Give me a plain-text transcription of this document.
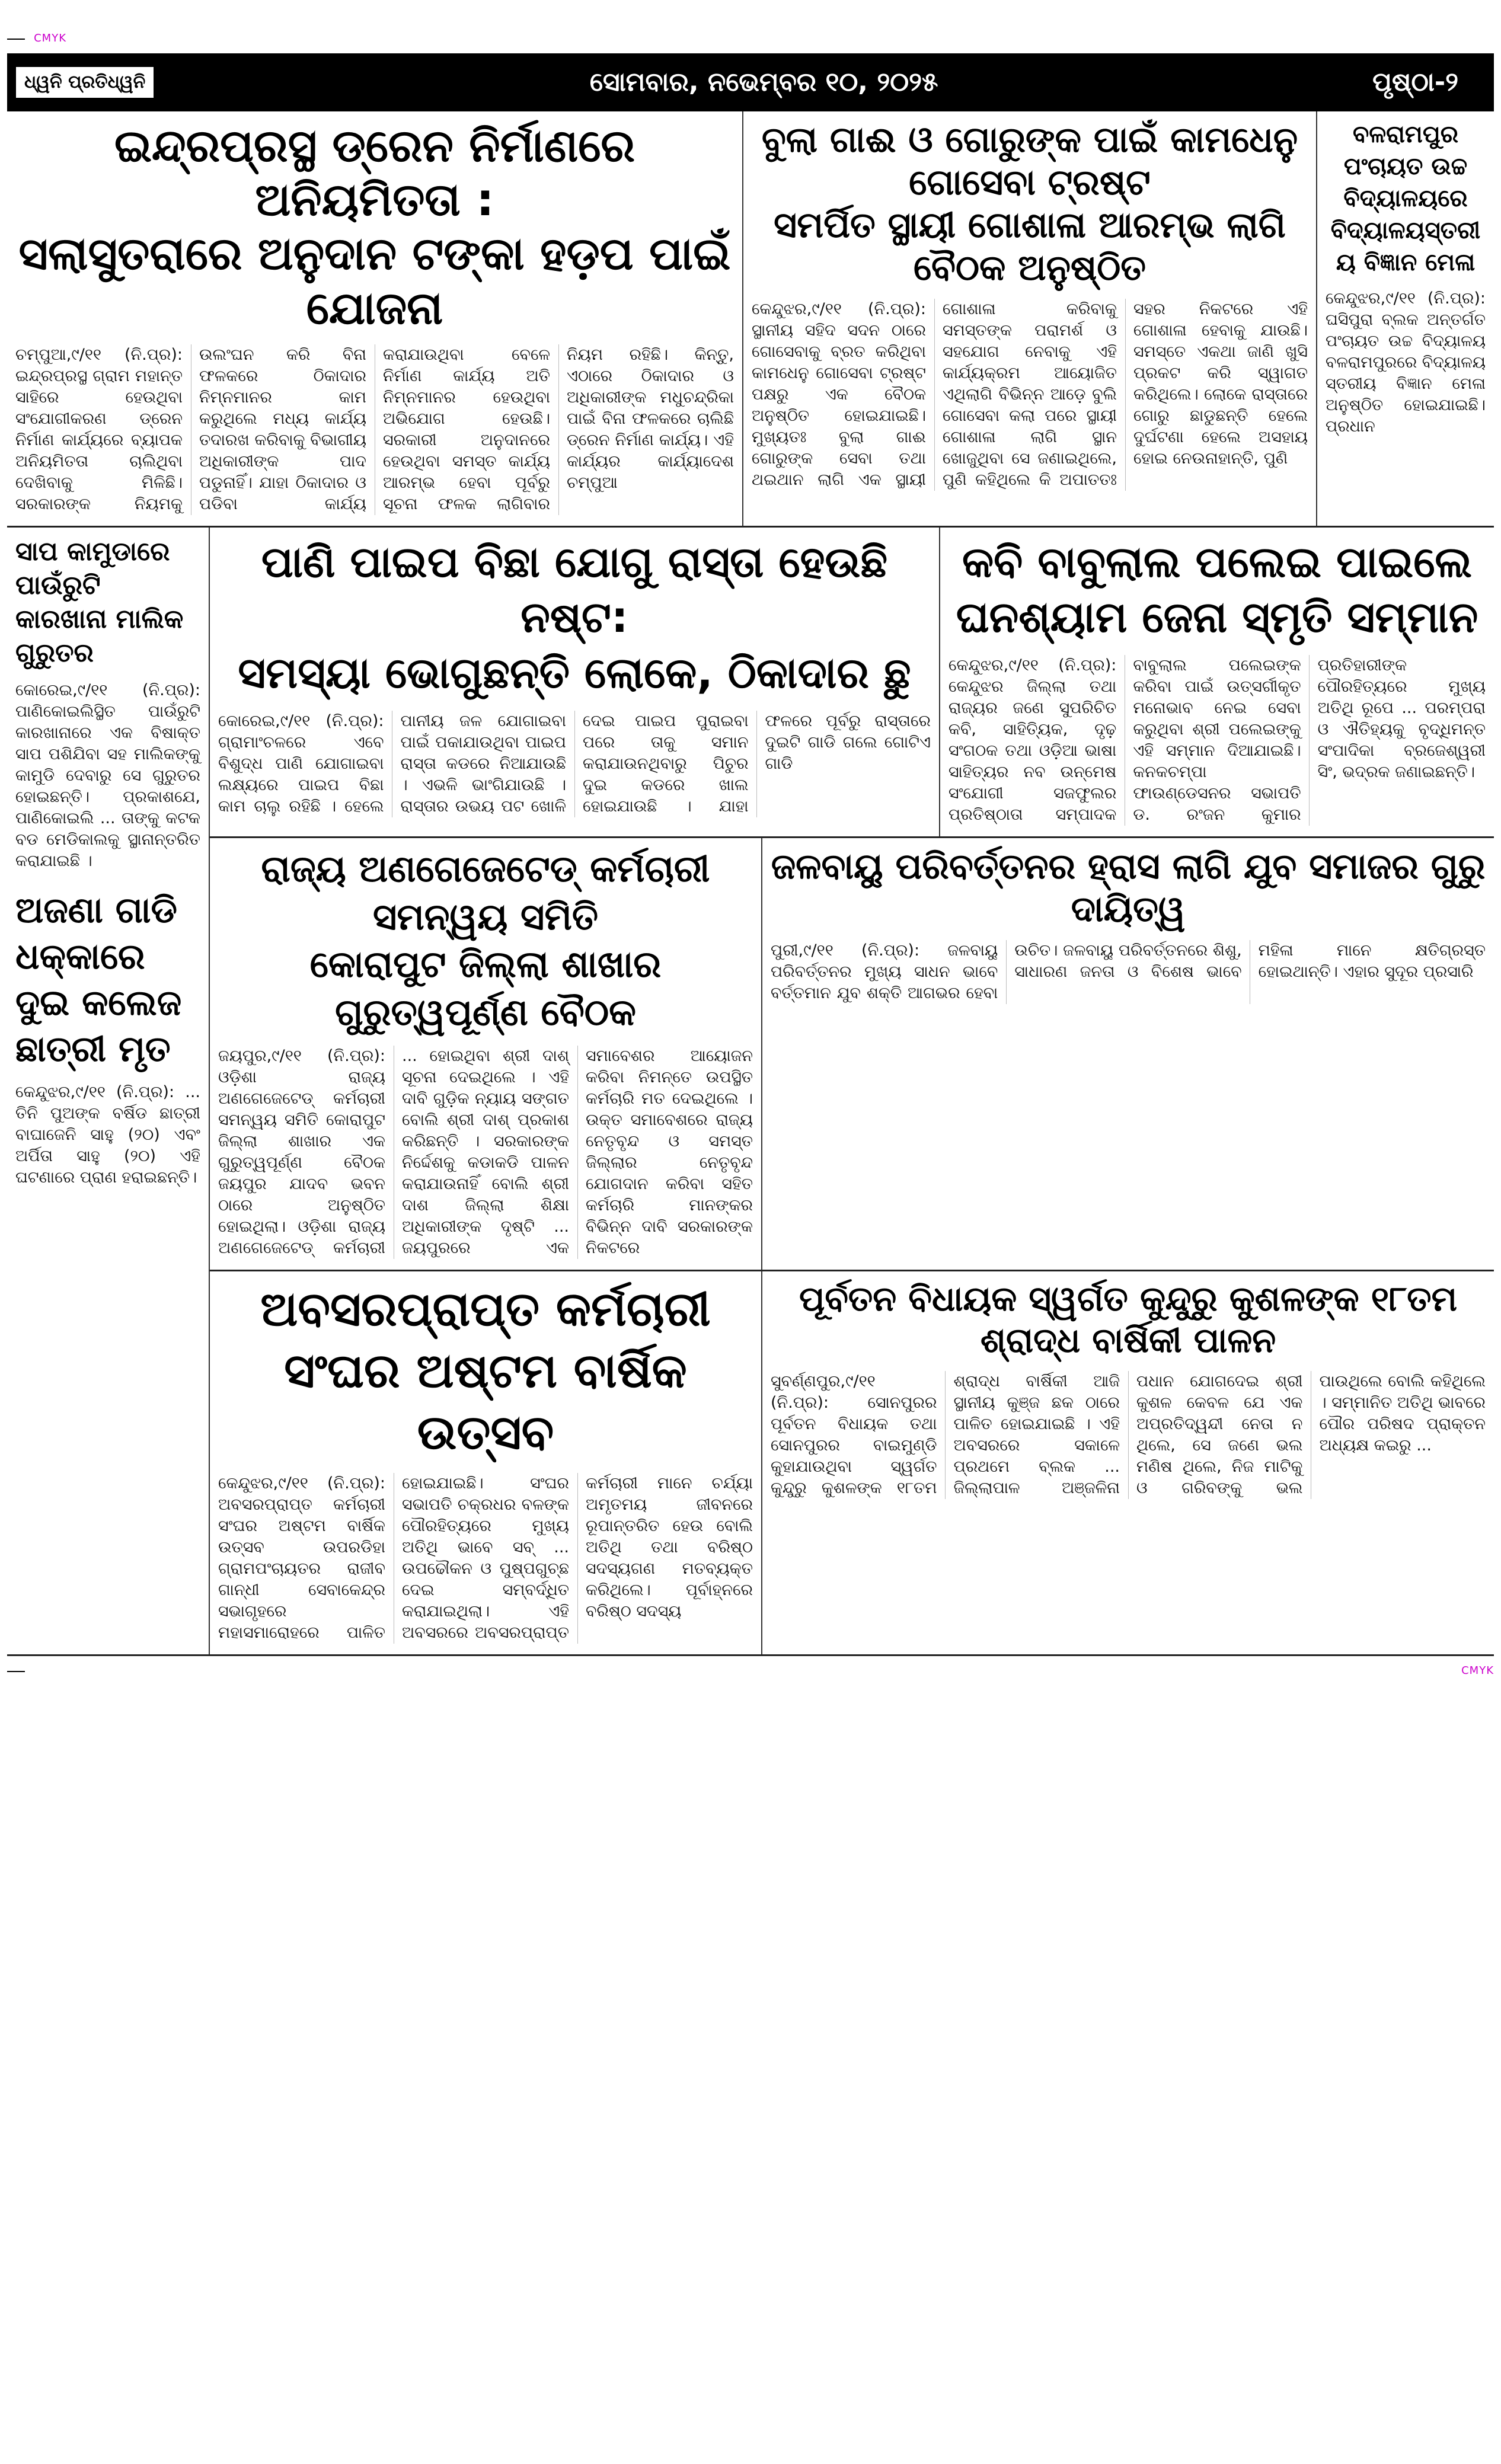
CMYK
ଧ୍ୱନି ପ୍ରତିଧ୍ୱନି	ସୋମବାର, ନଭେମ୍ବର ୧୦, ୨୦୨୫	ପୃଷ୍ଠା-୨
ଇନ୍ଦ୍ରପ୍ରସ୍ଥ ଡ୍ରେନ ନିର୍ମାଣରେ ଅନିୟମିତତା :
ସଲାସୁତରାରେ ଅନୁଦାନ ଟଙ୍କା ହଡ଼ପ ପାଇଁ ଯୋଜନା
ଚମ୍ପୁଆ,୯/୧୧ (ନି.ପ୍ର): ଇନ୍ଦ୍ରପ୍ରସ୍ଥ ଗ୍ରାମ ମହାନ୍ତ ସାହିରେ ହେଉଥିବା ସଂଯୋଗୀକରଣ ଡ୍ରେନ ନିର୍ମାଣ କାର୍ଯ୍ୟରେ ବ୍ୟାପକ ଅନିୟମିତତା ଚାଲିଥିବା ଦେଖିବାକୁ ମିଳିଛି। ସରକାରଙ୍କ ନିୟମକୁ ଉଲଂଘନ କରି ବିନା ଫଳକରେ ଠିକାଦାର ନିମ୍ନମାନର କାମ କରୁଥିଲେ ମଧ୍ୟ କାର୍ଯ୍ୟ ତଦାରଖ କରିବାକୁ ବିଭାଗୀୟ ଅଧିକାରୀଙ୍କ ପାଦ ପଡୁନାହିଁ। ଯାହା ଠିକାଦାର ଓ ପଡିବା କାର୍ଯ୍ୟ କରାଯାଉଥିବା ବେଳେ ନିର୍ମାଣ କାର୍ଯ୍ୟ ଅତି ନିମ୍ନମାନର ହେଉଥିବା ଅଭିଯୋଗ ହେଉଛି। ସରକାରୀ ଅନୁଦାନରେ ହେଉଥିବା ସମସ୍ତ କାର୍ଯ୍ୟ ଆରମ୍ଭ ହେବା ପୂର୍ବରୁ ସୂଚନା ଫଳକ ଲାଗିବାର ନିୟମ ରହିଛି। କିନ୍ତୁ, ଏଠାରେ ଠିକାଦାର ଓ ଅଧିକାରୀଙ୍କ ମଧୁଚନ୍ଦ୍ରିକା ପାଇଁ ବିନା ଫଳକରେ ଚାଲିଛି ଡ୍ରେନ ନିର୍ମାଣ କାର୍ଯ୍ୟ। ଏହି କାର୍ଯ୍ୟର କାର୍ଯ୍ୟାଦେଶ ଚମ୍ପୁଆ
ବୁଲା ଗାଈ ଓ ଗୋରୁଙ୍କ ପାଇଁ କାମଧେନୁ ଗୋସେବା ଟ୍ରଷ୍ଟ
ସମର୍ପିତ ସ୍ଥାୟୀ ଗୋଶାଳା ଆରମ୍ଭ ଲାଗି ବୈଠକ ଅନୁଷ୍ଠିତ
କେନ୍ଦୁଝର,୯/୧୧ (ନି.ପ୍ର): ସ୍ଥାନୀୟ ସହିଦ ସଦନ ଠାରେ ଗୋସେବାକୁ ବ୍ରତ କରିଥିବା କାମଧେନୁ ଗୋସେବା ଟ୍ରଷ୍ଟ ପକ୍ଷରୁ ଏକ ବୈଠକ ଅନୁଷ୍ଠିତ ହୋଇଯାଇଛି। ମୁଖ୍ୟତଃ ବୁଲା ଗାଈ ଗୋରୁଙ୍କ ସେବା ତଥା ଥଇଥାନ ଲାଗି ଏକ ସ୍ଥାୟୀ ଗୋଶାଳା କରିବାକୁ ସମସ୍ତଙ୍କ ପରାମର୍ଶ ଓ ସହଯୋଗ ନେବାକୁ ଏହି କାର୍ଯ୍ୟକ୍ରମ ଆୟୋଜିତ ଏଥିଲାଗି ବିଭିନ୍ନ ଆଡ଼େ ବୁଲି ଗୋସେବା କଲା ପରେ ସ୍ଥାୟୀ ଗୋଶାଳା ଲାଗି ସ୍ଥାନ ଖୋଜୁଥିବା ସେ ଜଣାଇଥିଲେ, ପୁଣି କହିଥିଲେ କି ଅପାତତଃ ସହର ନିକଟରେ ଏହି ଗୋଶାଳା ହେବାକୁ ଯାଉଛି। ସମସ୍ତେ ଏକଥା ଜାଣି ଖୁସି ପ୍ରକଟ କରି ସ୍ୱାଗତ କରିଥିଲେ। ଲୋକେ ରାସ୍ତାରେ ଗୋରୁ ଛାଡୁଛନ୍ତି ହେଲେ ଦୁର୍ଘଟଣା ହେଲେ ଅସହାୟ ହୋଇ ନେଉନାହାନ୍ତି, ପୁଣି
ବଳରାମପୁର ପଂଚାୟତ ଉଚ୍ଚ ବିଦ୍ୟାଳୟରେ ବିଦ୍ୟାଳୟସ୍ତରୀୟ ବିଜ୍ଞାନ ମେଳା
କେନ୍ଦୁଝର,୯/୧୧ (ନି.ପ୍ର): ଘସିପୁରା ବ୍ଲକ ଅନ୍ତର୍ଗତ ପଂଚାୟତ ଉଚ୍ଚ ବିଦ୍ୟାଳୟ ବଳରାମପୁରରେ ବିଦ୍ୟାଳୟ ସ୍ତରୀୟ ବିଜ୍ଞାନ ମେଳା ଅନୁଷ୍ଠିତ ହୋଇଯାଇଛି। ପ୍ରଧାନ
ସାପ କାମୁଡାରେ ପାଉଁରୁଟି କାରଖାନା ମାଲିକ ଗୁରୁତର
କୋରେଇ,୯/୧୧ (ନି.ପ୍ର): ପାଣିକୋଇଲିସ୍ଥିତ ପାଉଁରୁଟି କାରଖାନାରେ ଏକ ବିଷାକ୍ତ ସାପ ପଶିଯିବା ସହ ମାଲିକଙ୍କୁ କାମୁଡି ଦେବାରୁ ସେ ଗୁରୁତର ହୋଇଛନ୍ତି। ପ୍ରକାଶଯେ, ପାଣିକୋଇଲି ... ତାଙ୍କୁ କଟକ ବଡ ମେଡିକାଲକୁ ସ୍ଥାନାନ୍ତରିତ କରାଯାଇଛି ।
ଅଜଣା ଗାଡି ଧକ୍କାରେ ଦୁଇ କଲେଜ ଛାତ୍ରୀ ମୃତ
କେନ୍ଦୁଝର,୯/୧୧ (ନି.ପ୍ର): ... ତିନି ପୁଅଙ୍କ ବର୍ଷିଡ ଛାତ୍ରୀ ବାଘାଜେନି ସାହୁ (୨୦) ଏବଂ ଅର୍ପିତା ସାହୁ (୨୦) ଏହି ଘଟଣାରେ ପ୍ରାଣ ହରାଇଛନ୍ତି।
ପାଣି ପାଇପ ବିଛା ଯୋଗୁ ରାସ୍ତା ହେଉଛି ନଷ୍ଟ:
ସମସ୍ୟା ଭୋଗୁଛନ୍ତି ଲୋକେ, ଠିକାଦାର ଛୁ
କୋରେଇ,୯/୧୧ (ନି.ପ୍ର): ଗ୍ରାମାଂଚଳରେ ଏବେ ବିଶୁଦ୍ଧ ପାଣି ଯୋଗାଇବା ଲକ୍ଷ୍ୟରେ ପାଇପ ବିଛା କାମ ଚାଲୁ ରହିଛି । ହେଲେ ପାନୀୟ ଜଳ ଯୋଗାଇବା ପାଇଁ ପକାଯାଉଥିବା ପାଇପ ରାସ୍ତା କଡରେ ନିଆଯାଉଛି । ଏଭଳି ଭାଂଗିଯାଉଛି । ରାସ୍ତାର ଉଭୟ ପଟ ଖୋଳି ଦେଇ ପାଇପ ପୁରାଇବା ପରେ ତାକୁ ସମାନ କରାଯାଉନଥିବାରୁ ପିଚୁର ଦୁଇ କଡରେ ଖାଲ ହୋଇଯାଉଛି । ଯାହା ଫଳରେ ପୂର୍ବରୁ ରାସ୍ତାରେ ଦୁଇଟି ଗାଡି ଗଲେ ଗୋଟିଏ ଗାଡି
କବି ବାବୁଲାଲ ପଲେଇ ପାଇଲେ
ଘନଶ୍ୟାମ ଜେନା ସ୍ମୃତି ସମ୍ମାନ
କେନ୍ଦୁଝର,୯/୧୧ (ନି.ପ୍ର): କେନ୍ଦୁଝର ଜିଲ୍ଲା ତଥା ରାଜ୍ୟର ଜଣେ ସୁପରିଚିତ କବି, ସାହିତ୍ୟିକ, ଦୃଢ଼ ସଂଗଠକ ତଥା ଓଡ଼ିଆ ଭାଷା ସାହିତ୍ୟର ନବ ଉନ୍ମେଷ ସଂଯୋଗୀ ସଜଫୁଲର ପ୍ରତିଷ୍ଠାତା ସମ୍ପାଦକ ବାବୁଲାଲ ପଲେଇଙ୍କ କରିବା ପାଇଁ ଉତ୍ସର୍ଗୀକୃତ ମନୋଭାବ ନେଇ ସେବା କରୁଥିବା ଶ୍ରୀ ପଲେଇଙ୍କୁ ଏହି ସମ୍ମାନ ଦିଆଯାଇଛି। କନକଚମ୍ପା ଫାଉଣ୍ଡେସନର ସଭାପତି ଡ. ରଂଜନ କୁମାର ପ୍ରତିହାରୀଙ୍କ ପୌରହିତ୍ୟରେ ମୁଖ୍ୟ ଅତିଥି ରୂପେ ... ପରମ୍ପରା ଓ ଐତିହ୍ୟକୁ ବୃଦ୍ଧିମନ୍ତ ସଂପାଦିକା ବ୍ରଜେଶ୍ୱରୀ ସିଂ, ଭଦ୍ରକ ଜଣାଇଛନ୍ତି।
ରାଜ୍ୟ ଅଣଗେଜେଟେଡ୍ କର୍ମଚାରୀ ସମନ୍ୱୟ ସମିତି
କୋରାପୁଟ ଜିଲ୍ଲା ଶାଖାର ଗୁରୁତ୍ୱପୂର୍ଣ୍ଣ ବୈଠକ
ଜୟପୁର,୯/୧୧ (ନି.ପ୍ର): ଓଡ଼ିଶା ରାଜ୍ୟ ଅଣଗେଜେଟେଡ୍ କର୍ମଚାରୀ ସମନ୍ୱୟ ସମିତି କୋରାପୁଟ ଜିଲ୍ଲା ଶାଖାର ଏକ ଗୁରୁତ୍ୱପୂର୍ଣ୍ଣ ବୈଠକ ଜୟପୁର ଯାଦବ ଭବନ ଠାରେ ଅନୁଷ୍ଠିତ ହୋଇଥିଲା। ଓଡ଼ିଶା ରାଜ୍ୟ ଅଣଗେଜେଟେଡ୍ କର୍ମଚାରୀ ... ହୋଇଥିବା ଶ୍ରୀ ଦାଶ୍ ସୂଚନା ଦେଇଥିଲେ । ଏହି ଦାବି ଗୁଡ଼ିକ ନ୍ୟାୟ ସଙ୍ଗତ ବୋଲି ଶ୍ରୀ ଦାଶ୍ ପ୍ରକାଶ କରିଛନ୍ତି । ସରକାରଙ୍କ ନିର୍ଦ୍ଦେଶକୁ କଡାକଡି ପାଳନ କରାଯାଉନାହିଁ ବୋଲି ଶ୍ରୀ ଦାଶ ଜିଲ୍ଲା ଶିକ୍ଷା ଅଧିକାରୀଙ୍କ ଦୃଷ୍ଟି ... ଜୟପୁରରେ ଏକ ସମାବେଶର ଆୟୋଜନ କରିବା ନିମନ୍ତେ ଉପସ୍ଥିତ କର୍ମଚାରି ମତ ଦେଇଥିଲେ । ଉକ୍ତ ସମାବେଶରେ ରାଜ୍ୟ ନେତୃବୃନ୍ଦ ଓ ସମସ୍ତ ଜିଲ୍ଲାର ନେତୃବୃନ୍ଦ ଯୋଗଦାନ କରିବା ସହିତ କର୍ମଚାରି ମାନଙ୍କର ବିଭିନ୍ନ ଦାବି ସରକାରଙ୍କ ନିକଟରେ
ଜଳବାୟୁ ପରିବର୍ତ୍ତନର ହ୍ରାସ ଲାଗି ଯୁବ ସମାଜର ଗୁରୁ ଦାୟିତ୍ୱ
ପୁରୀ,୯/୧୧ (ନି.ପ୍ର): ଜଳବାୟୁ ପରିବର୍ତ୍ତନର ମୁଖ୍ୟ ସାଧନ ଭାବେ ବର୍ତ୍ତମାନ ଯୁବ ଶକ୍ତି ଆଗଭର ହେବା ଉଚିତ। ଜଳବାୟୁ ପରିବର୍ତ୍ତନରେ ଶିଶୁ, ସାଧାରଣ ଜନତା ଓ ବିଶେଷ ଭାବେ ମହିଳା ମାନେ କ୍ଷତିଗ୍ରସ୍ତ ହୋଇଥାନ୍ତି। ଏହାର ସୁଦୂର ପ୍ରସାରି
ଅବସରପ୍ରାପ୍ତ କର୍ମଚାରୀ
ସଂଘର ଅଷ୍ଟମ ବାର୍ଷିକ ଉତ୍ସବ
କେନ୍ଦୁଝର,୯/୧୧ (ନି.ପ୍ର): ଅବସରପ୍ରାପ୍ତ କର୍ମଚାରୀ ସଂଘର ଅଷ୍ଟମ ବାର୍ଷିକ ଉତ୍ସବ ଉପରଡିହା ଗ୍ରାମପଂଚାୟତର ରାଜୀବ ଗାନ୍ଧୀ ସେବାକେନ୍ଦ୍ର ସଭାଗୃହରେ ମହାସମାରୋହରେ ପାଳିତ ହୋଇଯାଇଛି। ସଂଘର ସଭାପତି ଚକ୍ରଧର ବଳଙ୍କ ପୌରହିତ୍ୟରେ ମୁଖ୍ୟ ଅତିଥି ଭାବେ ସବ୍ ... ଉପଢୌକନ ଓ ପୁଷ୍ପଗୁଚ୍ଛ ଦେଇ ସମ୍ବର୍ଦ୍ଧିତ କରାଯାଇଥିଲା। ଏହି ଅବସରରେ ଅବସରପ୍ରାପ୍ତ କର୍ମଚାରୀ ମାନେ ଚର୍ଯ୍ୟା ଅମୃତମୟ ଜୀବନରେ ରୂପାନ୍ତରିତ ହେଉ ବୋଲି ଅତିଥି ତଥା ବରିଷ୍ଠ ସଦସ୍ୟଗଣ ମତବ୍ୟକ୍ତ କରିଥିଲେ। ପୂର୍ବାହ୍ନରେ ବରିଷ୍ଠ ସଦସ୍ୟ
ପୂର୍ବତନ ବିଧାୟକ ସ୍ୱର୍ଗତ କୁନ୍ଦୁରୁ କୁଶଳଙ୍କ ୧୮ତମ ଶ୍ରାଦ୍ଧ ବାର୍ଷିକୀ ପାଳନ
ସୁବର୍ଣ୍ଣପୁର,୯/୧୧ (ନି.ପ୍ର): ସୋନପୁରର ପୂର୍ବତନ ବିଧାୟକ ତଥା ସୋନପୁରର ବାଇମୁଣ୍ଡି କୁହାଯାଉଥିବା ସ୍ୱର୍ଗତ କୁନ୍ଦୁରୁ କୁଶଳଙ୍କ ୧୮ତମ ଶ୍ରାଦ୍ଧ ବାର୍ଷିକୀ ଆଜି ସ୍ଥାନୀୟ କୁଞ୍ଜ ଛକ ଠାରେ ପାଳିତ ହୋଇଯାଇଛି । ଏହି ଅବସରରେ ସକାଳେ ପ୍ରଥମେ ବ୍ଲକ ... ଜିଲ୍ଲାପାଳ ଅଞ୍ଜଳିନା ପଧାନ ଯୋଗଦେଇ ଶ୍ରୀ କୁଶଳ କେବଳ ଯେ ଏକ ଅପ୍ରତିଦ୍ୱନ୍ଦୀ ନେତା ନ ଥିଲେ, ସେ ଜଣେ ଭଲ ମଣିଷ ଥିଲେ, ନିଜ ମାଟିକୁ ଓ ଗରିବଙ୍କୁ ଭଲ ପାଉଥିଲେ ବୋଲି କହିଥିଲେ । ସମ୍ମାନିତ ଅତିଥି ଭାବରେ ପୌର ପରିଷଦ ପ୍ରାକ୍ତନ ଅଧ୍ୟକ୍ଷ କଇରୁ ...
CMYK
